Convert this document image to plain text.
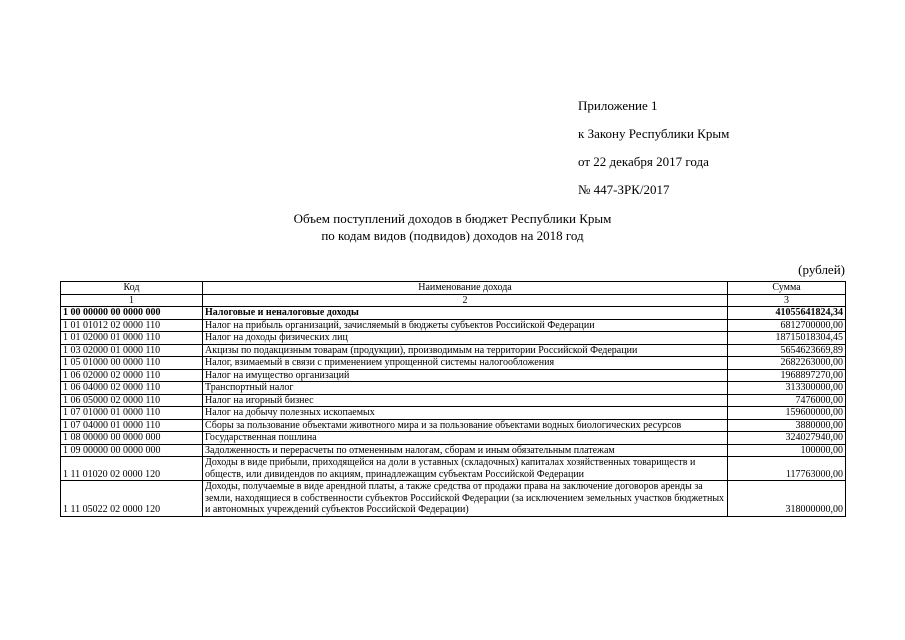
Приложение 1
к Закону Республики Крым
от 22 декабря 2017 года
№ 447-ЗРК/2017
Объем поступлений доходов в бюджет Республики Крым
по кодам видов (подвидов) доходов на 2018 год
(рублей)
Код	Наименование дохода	Сумма
1	2	3
1 00 00000 00 0000 000	Налоговые и неналоговые доходы	41055641824,34
1 01 01012 02 0000 110	Налог на прибыль организаций, зачисляемый в бюджеты субъектов Российской Федерации	6812700000,00
1 01 02000 01 0000 110	Налог на доходы физических лиц	18715018304,45
1 03 02000 01 0000 110	Акцизы по подакцизным товарам (продукции), производимым на территории Российской Федерации	5654623669,89
1 05 01000 00 0000 110	Налог, взимаемый в связи с применением упрощенной системы налогообложения	2682263000,00
1 06 02000 02 0000 110	Налог на имущество организаций	1968897270,00
1 06 04000 02 0000 110	Транспортный налог	313300000,00
1 06 05000 02 0000 110	Налог на игорный бизнес	7476000,00
1 07 01000 01 0000 110	Налог на добычу полезных ископаемых	159600000,00
1 07 04000 01 0000 110	Сборы за пользование объектами животного мира и за пользование объектами водных биологических ресурсов	3880000,00
1 08 00000 00 0000 000	Государственная пошлина	324027940,00
1 09 00000 00 0000 000	Задолженность и перерасчеты по отмененным налогам, сборам и иным обязательным платежам	100000,00
1 11 01020 02 0000 120	Доходы в виде прибыли, приходящейся на доли в уставных (складочных) капиталах хозяйственных товариществ и обществ, или дивидендов по акциям, принадлежащим субъектам Российской Федерации	117763000,00
1 11 05022 02 0000 120	Доходы, получаемые в виде арендной платы, а также средства от продажи права на заключение договоров аренды за земли, находящиеся в собственности субъектов Российской Федерации (за исключением земельных участков бюджетных и автономных учреждений субъектов Российской Федерации)	318000000,00
